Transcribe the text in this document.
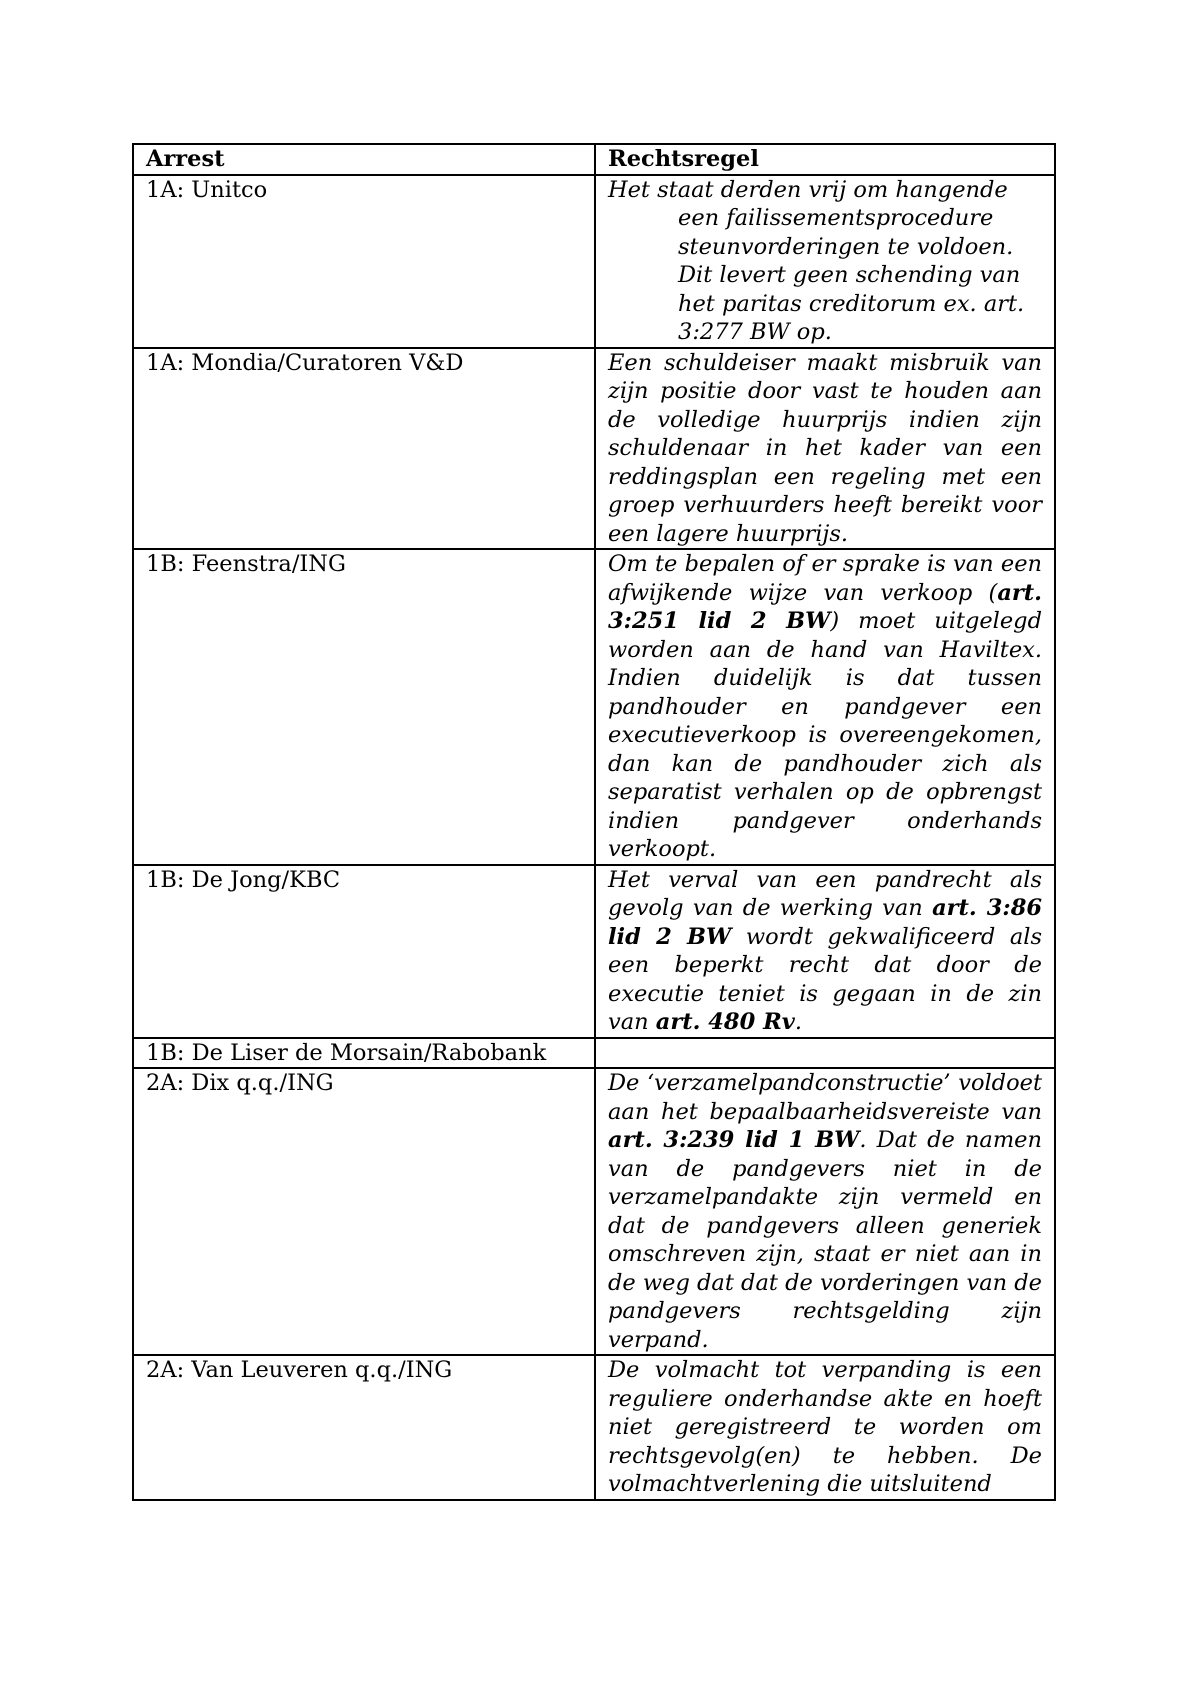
Arrest	Rechtsregel
1A: Unitco	Het staat derden vrij om hangende een failissementsprocedure steunvorderingen te voldoen. Dit levert geen schending van het paritas creditorum ex. art. 3:277 BW op.

1A: Mondia/Curatoren V&D	Een schuldeiser maakt misbruik van zijn positie door vast te houden aan de volledige huurprijs indien zijn schuldenaar in het kader van een reddingsplan een regeling met een groep verhuurders heeft bereikt voor een lagere huurprijs.

1B: Feenstra/ING	Om te bepalen of er sprake is van een afwijkende wijze van verkoop (art. 3:251 lid 2 BW) moet uitgelegd worden aan de hand van Haviltex. Indien duidelijk is dat tussen pandhouder en pandgever een executieverkoop is overeengekomen, dan kan de pandhouder zich als separatist verhalen op de opbrengst indien pandgever onderhands verkoopt.

1B: De Jong/KBC	Het verval van een pandrecht als gevolg van de werking van art. 3:86 lid 2 BW wordt gekwalificeerd als een beperkt recht dat door de executie teniet is gegaan in de zin van art. 480 Rv.

1B: De Liser de Morsain/Rabobank	

2A: Dix q.q./ING	De ‘verzamelpandconstructie’ voldoet aan het bepaalbaarheidsvereiste van art. 3:239 lid 1 BW. Dat de namen van de pandgevers niet in de verzamelpandakte zijn vermeld en dat de pandgevers alleen generiek omschreven zijn, staat er niet aan in de weg dat dat de vorderingen van de pandgevers rechtsgelding zijn verpand.

2A: Van Leuveren q.q./ING	De volmacht tot verpanding is een reguliere onderhandse akte en hoeft niet geregistreerd te worden om rechtsgevolg(en) te hebben. De volmachtverlening die uitsluitend
